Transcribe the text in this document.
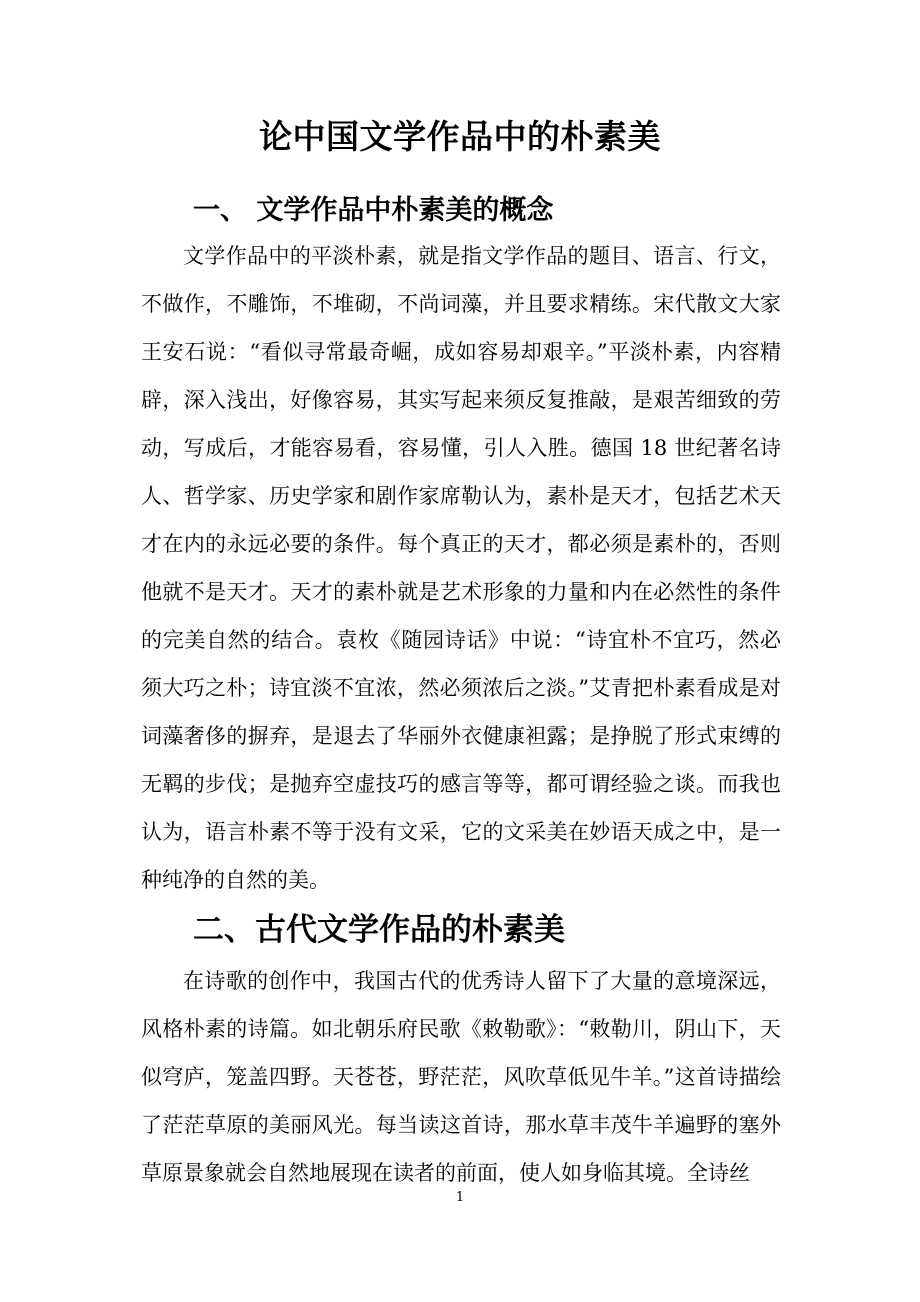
论中国文学作品中的朴素美
一、 文学作品中朴素美的概念
文学作品中的平淡朴素，就是指文学作品的题目、语言、行文，不做作，不雕饰，不堆砌，不尚词藻，并且要求精练。宋代散文大家王安石说：“看似寻常最奇崛，成如容易却艰辛。”平淡朴素，内容精辟，深入浅出，好像容易，其实写起来须反复推敲，是艰苦细致的劳动，写成后，才能容易看，容易懂，引人入胜。德国 18 世纪著名诗人、哲学家、历史学家和剧作家席勒认为，素朴是天才，包括艺术天才在内的永远必要的条件。每个真正的天才，都必须是素朴的，否则他就不是天才。天才的素朴就是艺术形象的力量和内在必然性的条件的完美自然的结合。袁枚《随园诗话》中说：“诗宜朴不宜巧，然必须大巧之朴；诗宜淡不宜浓，然必须浓后之淡。”艾青把朴素看成是对词藻奢侈的摒弃，是退去了华丽外衣健康袒露；是挣脱了形式束缚的无羁的步伐；是抛弃空虚技巧的感言等等，都可谓经验之谈。而我也认为，语言朴素不等于没有文采，它的文采美在妙语天成之中，是一种纯净的自然的美。
二、古代文学作品的朴素美
在诗歌的创作中，我国古代的优秀诗人留下了大量的意境深远，风格朴素的诗篇。如北朝乐府民歌《敕勒歌》：“敕勒川，阴山下，天似穹庐，笼盖四野。天苍苍，野茫茫，风吹草低见牛羊。”这首诗描绘了茫茫草原的美丽风光。每当读这首诗，那水草丰茂牛羊遍野的塞外草原景象就会自然地展现在读者的前面，使人如身临其境。全诗丝
1
